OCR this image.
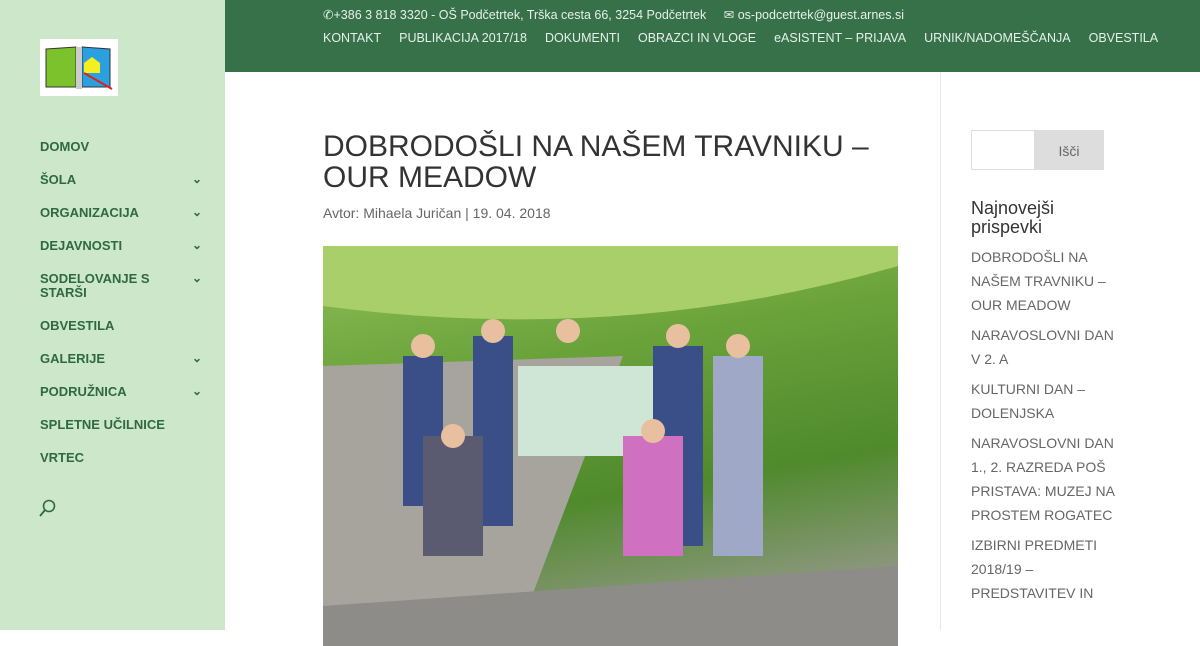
DOMOV
ŠOLA	⌄
ORGANIZACIJA	⌄
DEJAVNOSTI	⌄
SODELOVANJE S STARŠI
⌄
OBVESTILA
GALERIJE	⌄
PODRUŽNICA	⌄
SPLETNE UČILNICE
VRTEC
✆+386 3 818 3320 - OŠ Podčetrtek, Trška cesta 66, 3254 Podčetrtek ✉ os-podcetrtek@guest.arnes.si
KONTAKT PUBLIKACIJA 2017/18 DOKUMENTI OBRAZCI IN VLOGE eASISTENT – PRIJAVA URNIK/NADOMEŠČANJA OBVESTILA
DOBRODOŠLI NA NAŠEM TRAVNIKU – OUR MEADOW
Avtor: Mihaela Juričan | 19. 04. 2018
Išči
Najnovejši prispevki
DOBRODOŠLI NA NAŠEM TRAVNIKU – OUR MEADOW
NARAVOSLOVNI DAN V 2. A
KULTURNI DAN – DOLENJSKA
NARAVOSLOVNI DAN 1., 2. RAZREDA POŠ PRISTAVA: MUZEJ NA PROSTEM ROGATEC
IZBIRNI PREDMETI 2018/19 – PREDSTAVITEV IN
